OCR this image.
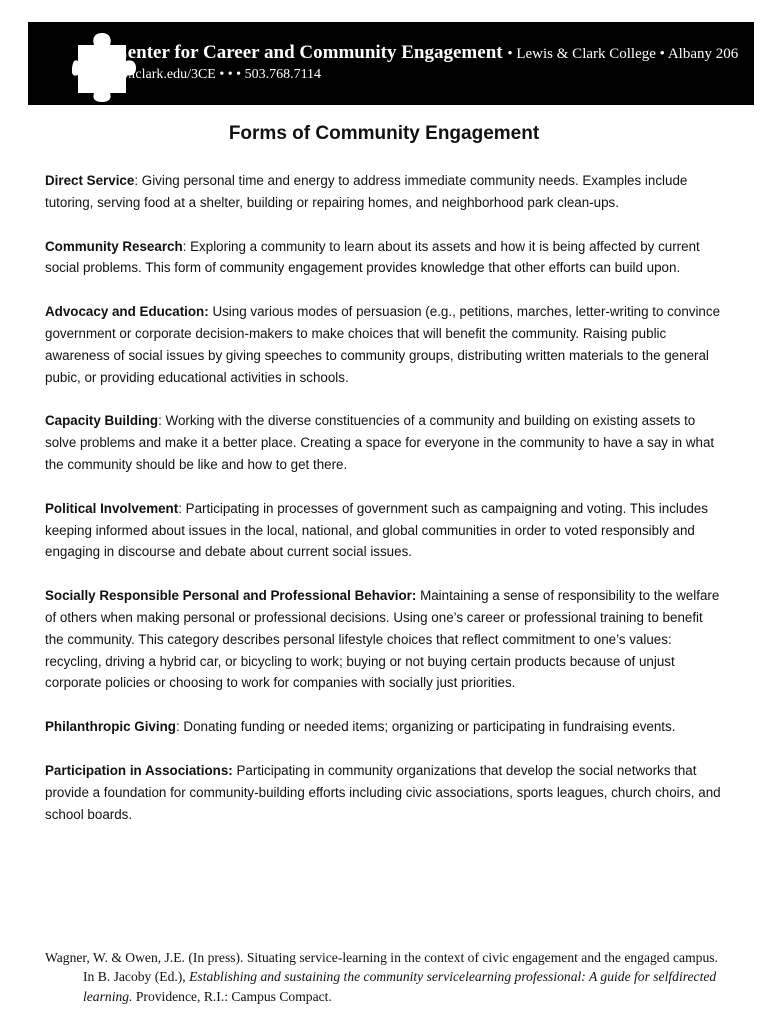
Center for Career and Community Engagement • Lewis & Clark College • Albany 206
go.lclark.edu/3CE • • • 503.768.7114
Forms of Community Engagement

Direct Service: Giving personal time and energy to address immediate community needs. Examples include tutoring, serving food at a shelter, building or repairing homes, and neighborhood park clean-ups.

Community Research: Exploring a community to learn about its assets and how it is being affected by current social problems. This form of community engagement provides knowledge that other efforts can build upon.

Advocacy and Education: Using various modes of persuasion (e.g., petitions, marches, letter-writing to convince government or corporate decision-makers to make choices that will benefit the community. Raising public awareness of social issues by giving speeches to community groups, distributing written materials to the general pubic, or providing educational activities in schools.

Capacity Building: Working with the diverse constituencies of a community and building on existing assets to solve problems and make it a better place. Creating a space for everyone in the community to have a say in what the community should be like and how to get there.

Political Involvement: Participating in processes of government such as campaigning and voting. This includes keeping informed about issues in the local, national, and global communities in order to voted responsibly and engaging in discourse and debate about current social issues.

Socially Responsible Personal and Professional Behavior: Maintaining a sense of responsibility to the welfare of others when making personal or professional decisions. Using one’s career or professional training to benefit the community. This category describes personal lifestyle choices that reflect commitment to one’s values: recycling, driving a hybrid car, or bicycling to work; buying or not buying certain products because of unjust corporate policies or choosing to work for companies with socially just priorities.

Philanthropic Giving: Donating funding or needed items; organizing or participating in fundraising events.

Participation in Associations: Participating in community organizations that develop the social networks that provide a foundation for community-building efforts including civic associations, sports leagues, church choirs, and school boards.

Wagner, W. & Owen, J.E. (In press). Situating service-learning in the context of civic engagement and the engaged campus. In B. Jacoby (Ed.), Establishing and sustaining the community servicelearning professional: A guide for selfdirected learning. Providence, R.I.: Campus Compact.
